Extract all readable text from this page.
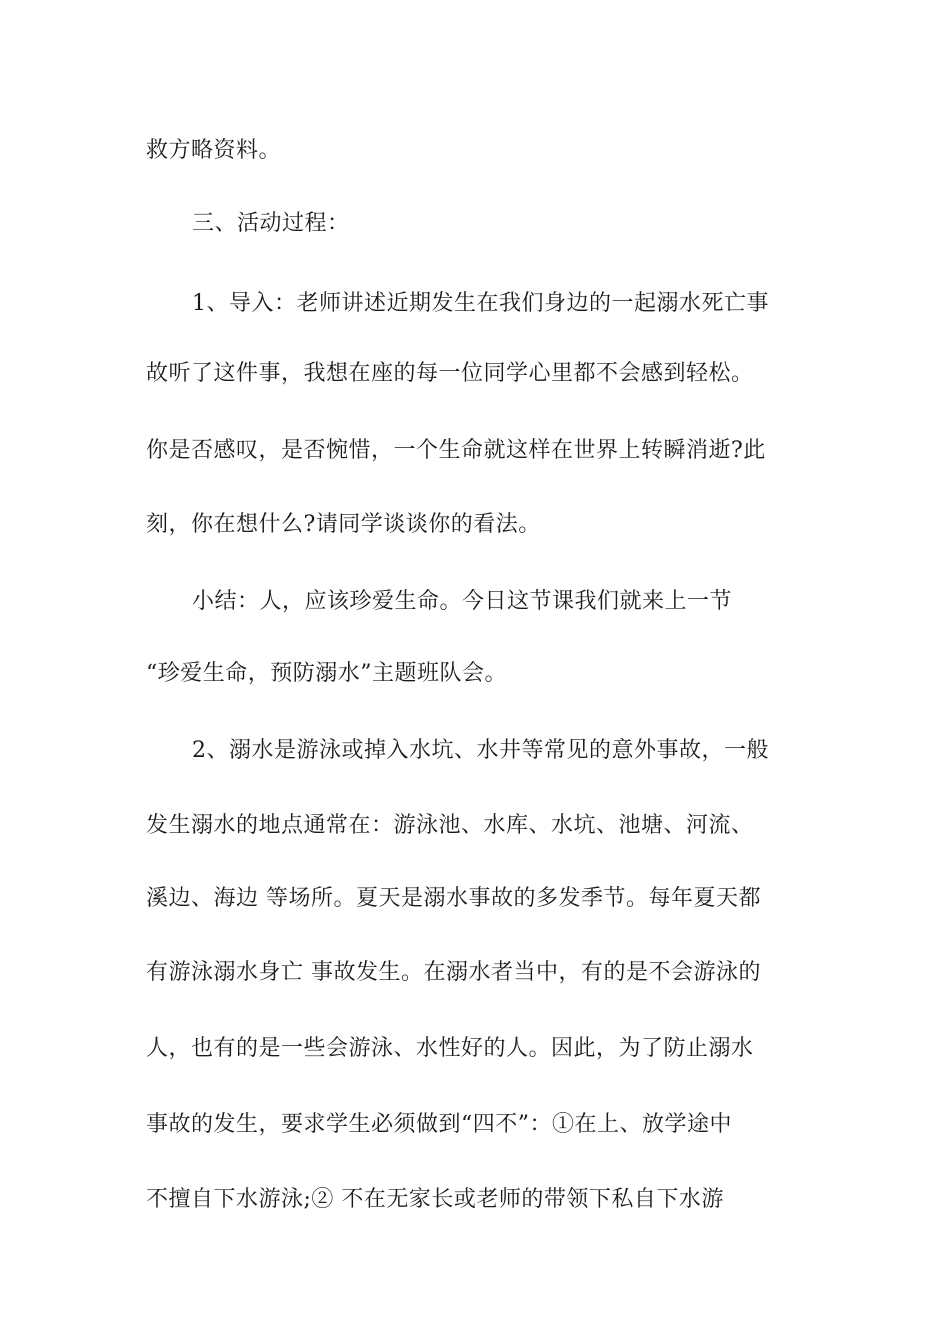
救方略资料。
三、活动过程：
1、导入：老师讲述近期发生在我们身边的一起溺水死亡事
故听了这件事，我想在座的每一位同学心里都不会感到轻松。
你是否感叹，是否惋惜，一个生命就这样在世界上转瞬消逝?此
刻，你在想什么?请同学谈谈你的看法。
小结：人，应该珍爱生命。今日这节课我们就来上一节
“珍爱生命，预防溺水”主题班队会。
2、溺水是游泳或掉入水坑、水井等常见的意外事故，一般
发生溺水的地点通常在：游泳池、水库、水坑、池塘、河流、
溪边、海边 等场所。夏天是溺水事故的多发季节。每年夏天都
有游泳溺水身亡 事故发生。在溺水者当中，有的是不会游泳的
人，也有的是一些会游泳、水性好的人。因此，为了防止溺水
事故的发生，要求学生必须做到“四不”：①在上、放学途中
不擅自下水游泳;② 不在无家长或老师的带领下私自下水游
